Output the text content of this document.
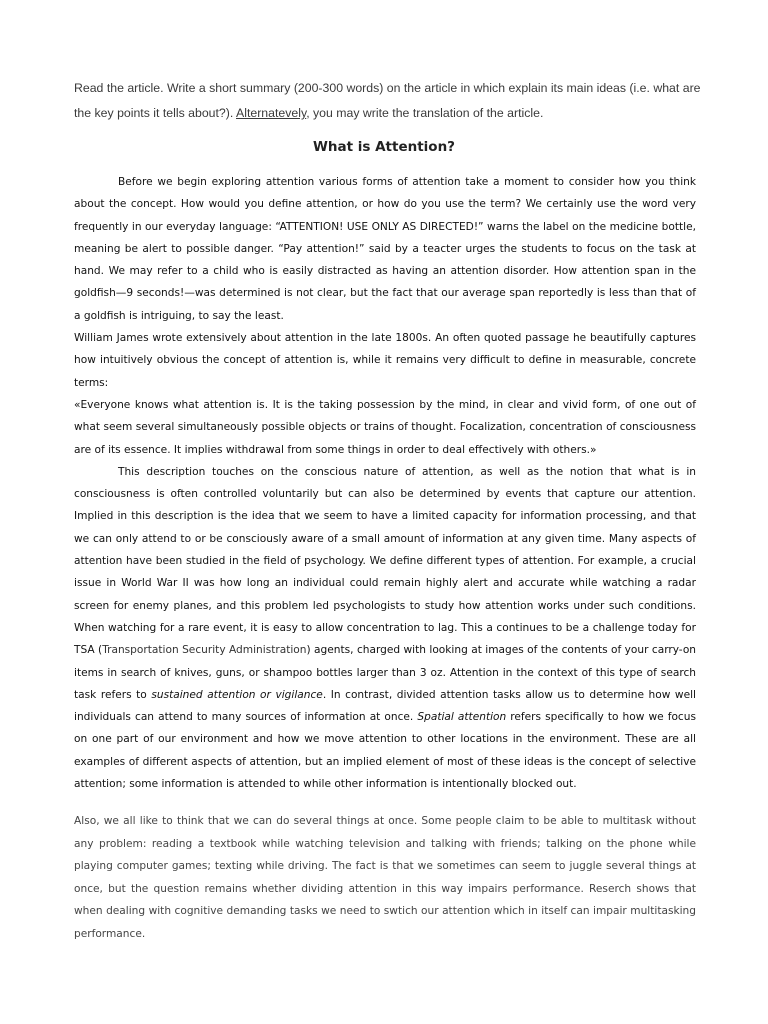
Read the article. Write a short summary (200-300 words) on the article in which explain its main ideas (i.e. what are the key points it tells about?). Alternatevely, you may write the translation of the article.
What is Attention?

Before we begin exploring attention various forms of attention take a moment to consider how you think about the concept. How would you define attention, or how do you use the term? We certainly use the word very frequently in our everyday language: “ATTENTION! USE ONLY AS DIRECTED!” warns the label on the medicine bottle, meaning be alert to possible danger. “Pay attention!” said by a teacter urges the students to focus on the task at hand. We may refer to a child who is easily distracted as having an attention disorder. How attention span in the goldfish—9 seconds!—was determined is not clear, but the fact that our average span reportedly is less than that of a goldfish is intriguing, to say the least.

William James wrote extensively about attention in the late 1800s. An often quoted passage he beautifully captures how intuitively obvious the concept of attention is, while it remains very difficult to define in measurable, concrete terms:

«Everyone knows what attention is. It is the taking possession by the mind, in clear and vivid form, of one out of what seem several simultaneously possible objects or trains of thought. Focalization, concentration of consciousness are of its essence. It implies withdrawal from some things in order to deal effectively with others.»

This description touches on the conscious nature of attention, as well as the notion that what is in consciousness is often controlled voluntarily but can also be determined by events that capture our attention. Implied in this description is the idea that we seem to have a limited capacity for information processing, and that we can only attend to or be consciously aware of a small amount of information at any given time. Many aspects of attention have been studied in the field of psychology. We define different types of attention. For example, a crucial issue in World War II was how long an individual could remain highly alert and accurate while watching a radar screen for enemy planes, and this problem led psychologists to study how attention works under such conditions. When watching for a rare event, it is easy to allow concentration to lag. This a continues to be a challenge today for TSA (Transportation Security Administration) agents, charged with looking at images of the contents of your carry-on items in search of knives, guns, or shampoo bottles larger than 3 oz. Attention in the context of this type of search task refers to sustained attention or vigilance. In contrast, divided attention tasks allow us to determine how well individuals can attend to many sources of information at once. Spatial attention refers specifically to how we focus on one part of our environment and how we move attention to other locations in the environment. These are all examples of different aspects of attention, but an implied element of most of these ideas is the concept of selective attention; some information is attended to while other information is intentionally blocked out.

Also, we all like to think that we can do several things at once. Some people claim to be able to multitask without any problem: reading a textbook while watching television and talking with friends; talking on the phone while playing computer games; texting while driving. The fact is that we sometimes can seem to juggle several things at once, but the question remains whether dividing attention in this way impairs performance. Reserch shows that when dealing with cognitive demanding tasks we need to swtich our attention which in itself can impair multitasking performance.
